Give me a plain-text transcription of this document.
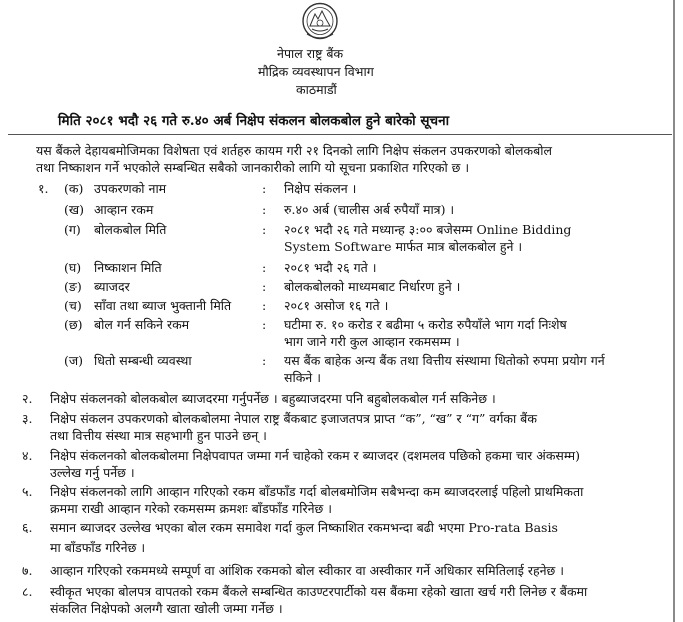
नेपाल राष्ट्र बैंक
मौद्रिक व्यवस्थापन विभाग
काठमाडौं
मिति २०८१ भदौ २६ गते रु.४० अर्ब निक्षेप संकलन बोलकबोल हुने बारेको सूचना
यस बैंकले देहायबमोजिमका विशेषता एवं शर्तहरु कायम गरी २१ दिनको लागि निक्षेप संकलन उपकरणको बोलकबोल
तथा निष्काशन गर्ने भएकोले सम्बन्धित सबैको जानकारीको लागि यो सूचना प्रकाशित गरिएको छ ।
१. (क) उपकरणको नाम	: निक्षेप संकलन ।
(ख) आव्हान रकम	: रु.४० अर्ब (चालीस अर्ब रुपैयाँ मात्र) ।
(ग) बोलकबोल मिति	: २०८१ भदौ २६ गते मध्यान्ह ३:०० बजेसम्म Online Bidding
System Software मार्फत मात्र बोलकबोल हुने ।
(घ) निष्काशन मिति	: २०८१ भदौ २६ गते ।
(ङ) ब्याजदर	: बोलकबोलको माध्यमबाट निर्धारण हुने ।
(च) साँवा तथा ब्याज भुक्तानी मिति : २०८१ असोज १६ गते ।
(छ) बोल गर्न सकिने रकम	: घटीमा रु. १० करोड र बढीमा ५ करोड रुपैयाँले भाग गर्दा निःशेष
भाग जाने गरी कुल आव्हान रकमसम्म ।
(ज) धितो सम्बन्धी व्यवस्था	: यस बैंक बाहेक अन्य बैंक तथा वित्तीय संस्थामा धितोको रुपमा प्रयोग गर्न
सकिने ।
२. निक्षेप संकलनको बोलकबोल ब्याजदरमा गर्नुपर्नेछ । बहुब्याजदरमा पनि बहुबोलकबोल गर्न सकिनेछ ।
३. निक्षेप संकलन उपकरणको बोलकबोलमा नेपाल राष्ट्र बैंकबाट इजाजतपत्र प्राप्त “क”, “ख” र “ग” वर्गका बैंक
तथा वित्तीय संस्था मात्र सहभागी हुन पाउने छन् ।
४. निक्षेप संकलनको बोलकबोलमा निक्षेपवापत जम्मा गर्न चाहेको रकम र ब्याजदर (दशमलव पछिको हकमा चार अंकसम्म)
उल्लेख गर्नु पर्नेछ ।
५. निक्षेप संकलनको लागि आव्हान गरिएको रकम बाँडफाँड गर्दा बोलबमोजिम सबैभन्दा कम ब्याजदरलाई पहिलो प्राथमिकता
क्रममा राखी आव्हान गरेको रकमसम्म क्रमशः बाँडफाँड गरिनेछ ।
६. समान ब्याजदर उल्लेख भएका बोल रकम समावेश गर्दा कुल निष्काशित रकमभन्दा बढी भएमा Pro-rata Basis
मा बाँडफाँड गरिनेछ ।
७. आव्हान गरिएको रकममध्ये सम्पूर्ण वा आंशिक रकमको बोल स्वीकार वा अस्वीकार गर्ने अधिकार समितिलाई रहनेछ ।
८. स्वीकृत भएका बोलपत्र वापतको रकम बैंकले सम्बन्धित काउण्टरपार्टीको यस बैंकमा रहेको खाता खर्च गरी लिनेछ र बैंकमा
संकलित निक्षेपको अलग्गै खाता खोली जम्मा गर्नेछ ।
